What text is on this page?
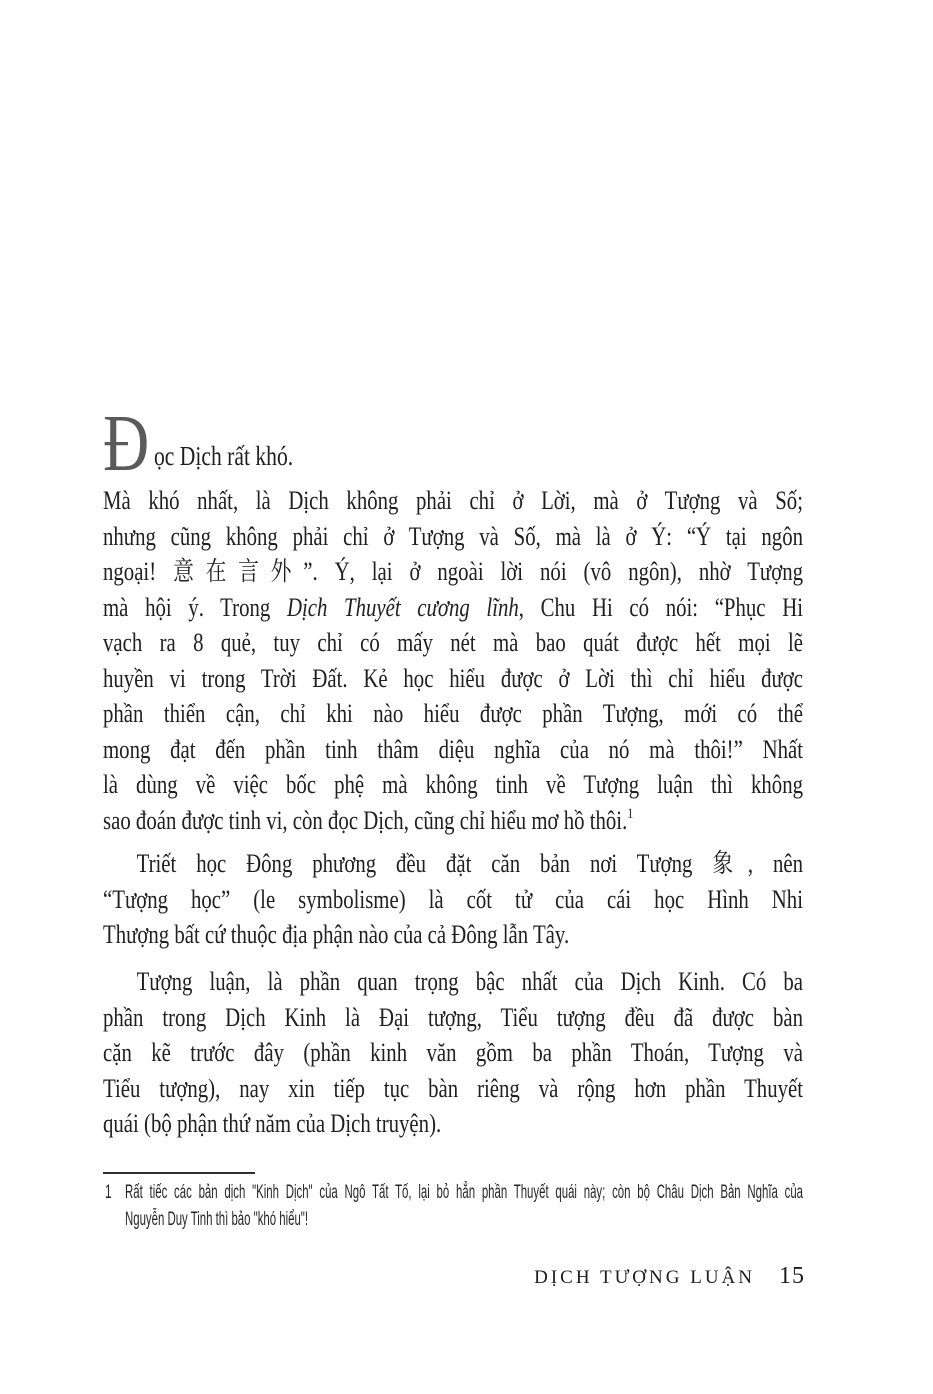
Đ ọc Dịch rất khó.
Mà khó nhất, là Dịch không phải chỉ ở Lời, mà ở Tượng và Số;
nhưng cũng không phải chỉ ở Tượng và Số, mà là ở Ý: “Ý tại ngôn
ngoại! 意在言外”. Ý, lại ở ngoài lời nói (vô ngôn), nhờ Tượng
mà hội ý. Trong Dịch Thuyết cương lĩnh, Chu Hi có nói: “Phục Hi
vạch ra 8 quẻ, tuy chỉ có mấy nét mà bao quát được hết mọi lẽ
huyền vi trong Trời Đất. Kẻ học hiểu được ở Lời thì chỉ hiểu được
phần thiển cận, chỉ khi nào hiểu được phần Tượng, mới có thể
mong đạt đến phần tinh thâm diệu nghĩa của nó mà thôi!” Nhất
là dùng về việc bốc phệ mà không tinh về Tượng luận thì không
sao đoán được tinh vi, còn đọc Dịch, cũng chỉ hiểu mơ hồ thôi.$^1$
Triết học Đông phương đều đặt căn bản nơi Tượng 象, nên
“Tượng học” (le symbolisme) là cốt tử của cái học Hình Nhi
Thượng bất cứ thuộc địa phận nào của cả Đông lẫn Tây.
Tượng luận, là phần quan trọng bậc nhất của Dịch Kinh. Có ba
phần trong Dịch Kinh là Đại tượng, Tiểu tượng đều đã được bàn
cặn kẽ trước đây (phần kinh văn gồm ba phần Thoán, Tượng và
Tiểu tượng), nay xin tiếp tục bàn riêng và rộng hơn phần Thuyết
quái (bộ phận thứ năm của Dịch truyện).
1 Rất tiếc các bản dịch "Kinh Dịch" của Ngô Tất Tố, lại bỏ hẳn phần Thuyết quái này; còn bộ Châu Dịch Bản Nghĩa của
Nguyễn Duy Tinh thì bảo "khó hiểu"!
DỊCH TƯỢNG LUẬN 15
